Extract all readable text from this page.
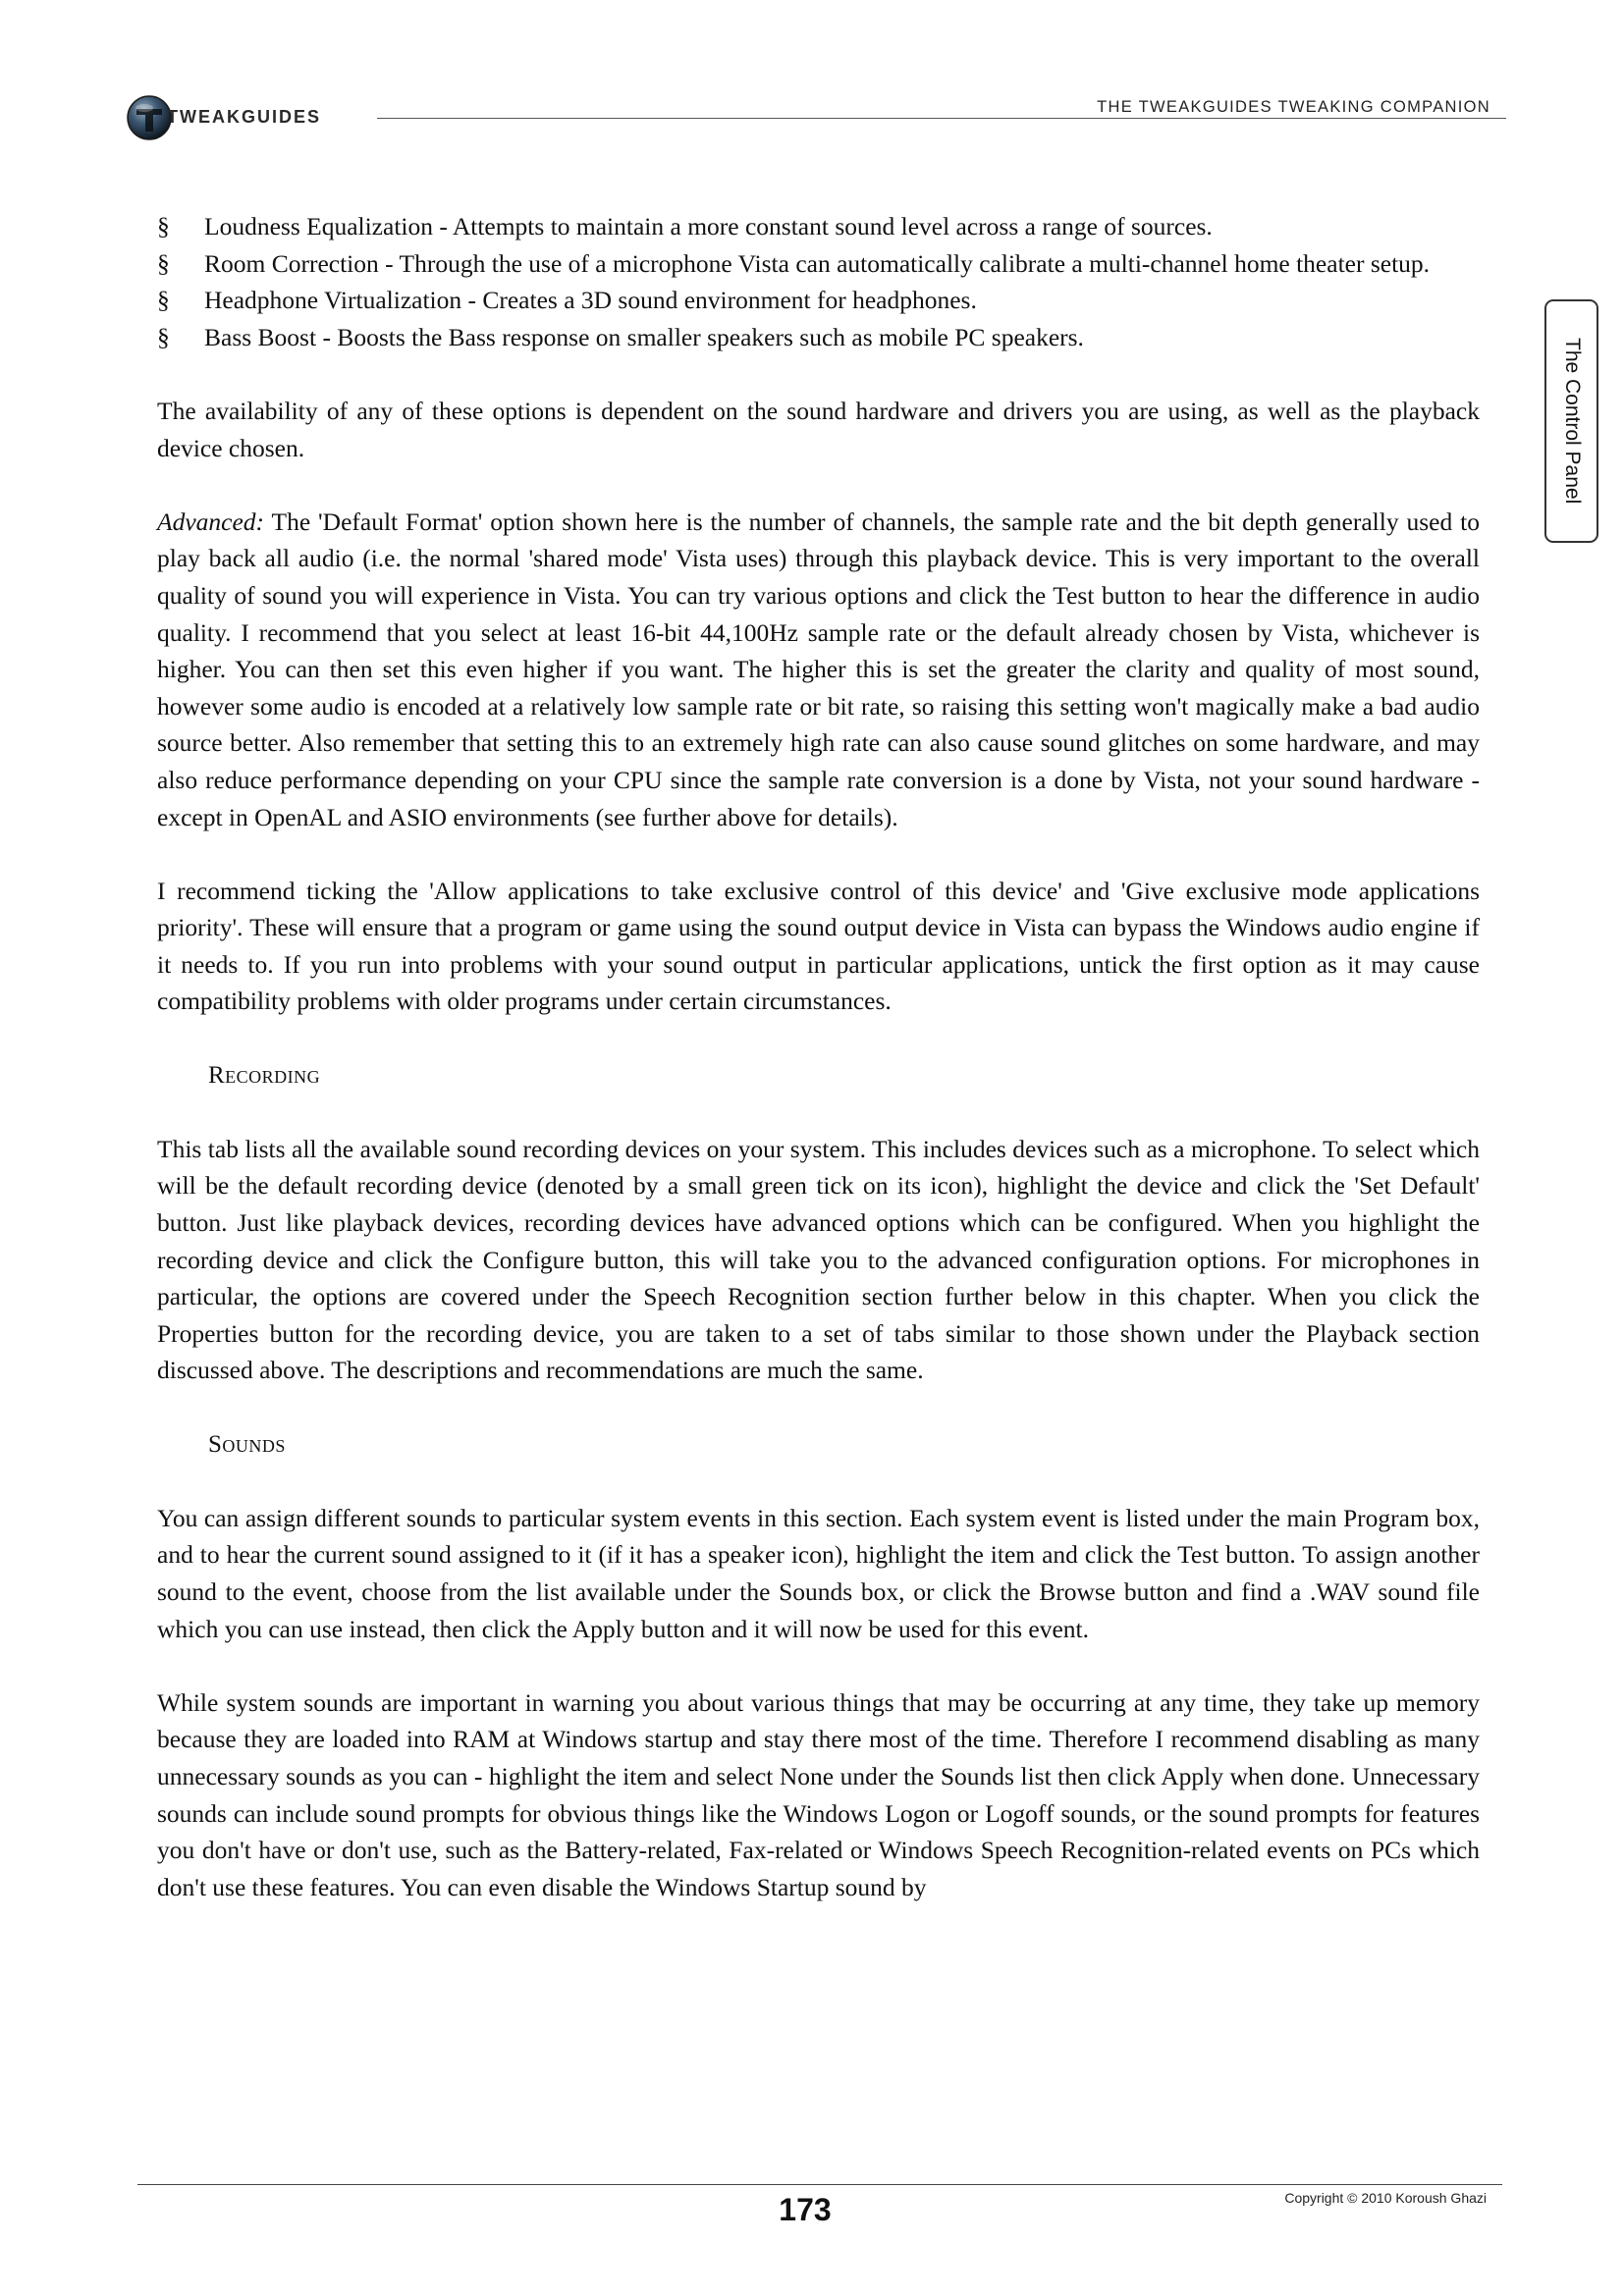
TWEAKGUIDES	THE TWEAKGUIDES TWEAKING COMPANION
The Control Panel
§ Loudness Equalization - Attempts to maintain a more constant sound level across a range of sources.
§ Room Correction - Through the use of a microphone Vista can automatically calibrate a multi-channel home theater setup.
§ Headphone Virtualization - Creates a 3D sound environment for headphones.
§ Bass Boost - Boosts the Bass response on smaller speakers such as mobile PC speakers.

The availability of any of these options is dependent on the sound hardware and drivers you are using, as well as the playback device chosen.

Advanced: The 'Default Format' option shown here is the number of channels, the sample rate and the bit depth generally used to play back all audio (i.e. the normal 'shared mode' Vista uses) through this playback device. This is very important to the overall quality of sound you will experience in Vista. You can try various options and click the Test button to hear the difference in audio quality. I recommend that you select at least 16-bit 44,100Hz sample rate or the default already chosen by Vista, whichever is higher. You can then set this even higher if you want. The higher this is set the greater the clarity and quality of most sound, however some audio is encoded at a relatively low sample rate or bit rate, so raising this setting won't magically make a bad audio source better. Also remember that setting this to an extremely high rate can also cause sound glitches on some hardware, and may also reduce performance depending on your CPU since the sample rate conversion is a done by Vista, not your sound hardware - except in OpenAL and ASIO environments (see further above for details).

I recommend ticking the 'Allow applications to take exclusive control of this device' and 'Give exclusive mode applications priority'. These will ensure that a program or game using the sound output device in Vista can bypass the Windows audio engine if it needs to. If you run into problems with your sound output in particular applications, untick the first option as it may cause compatibility problems with older programs under certain circumstances.

Recording

This tab lists all the available sound recording devices on your system. This includes devices such as a microphone. To select which will be the default recording device (denoted by a small green tick on its icon), highlight the device and click the 'Set Default' button. Just like playback devices, recording devices have advanced options which can be configured. When you highlight the recording device and click the Configure button, this will take you to the advanced configuration options. For microphones in particular, the options are covered under the Speech Recognition section further below in this chapter. When you click the Properties button for the recording device, you are taken to a set of tabs similar to those shown under the Playback section discussed above. The descriptions and recommendations are much the same.

Sounds

You can assign different sounds to particular system events in this section. Each system event is listed under the main Program box, and to hear the current sound assigned to it (if it has a speaker icon), highlight the item and click the Test button. To assign another sound to the event, choose from the list available under the Sounds box, or click the Browse button and find a .WAV sound file which you can use instead, then click the Apply button and it will now be used for this event.

While system sounds are important in warning you about various things that may be occurring at any time, they take up memory because they are loaded into RAM at Windows startup and stay there most of the time. Therefore I recommend disabling as many unnecessary sounds as you can - highlight the item and select None under the Sounds list then click Apply when done. Unnecessary sounds can include sound prompts for obvious things like the Windows Logon or Logoff sounds, or the sound prompts for features you don't have or don't use, such as the Battery-related, Fax-related or Windows Speech Recognition-related events on PCs which don't use these features. You can even disable the Windows Startup sound by

173	Copyright © 2010 Koroush Ghazi
